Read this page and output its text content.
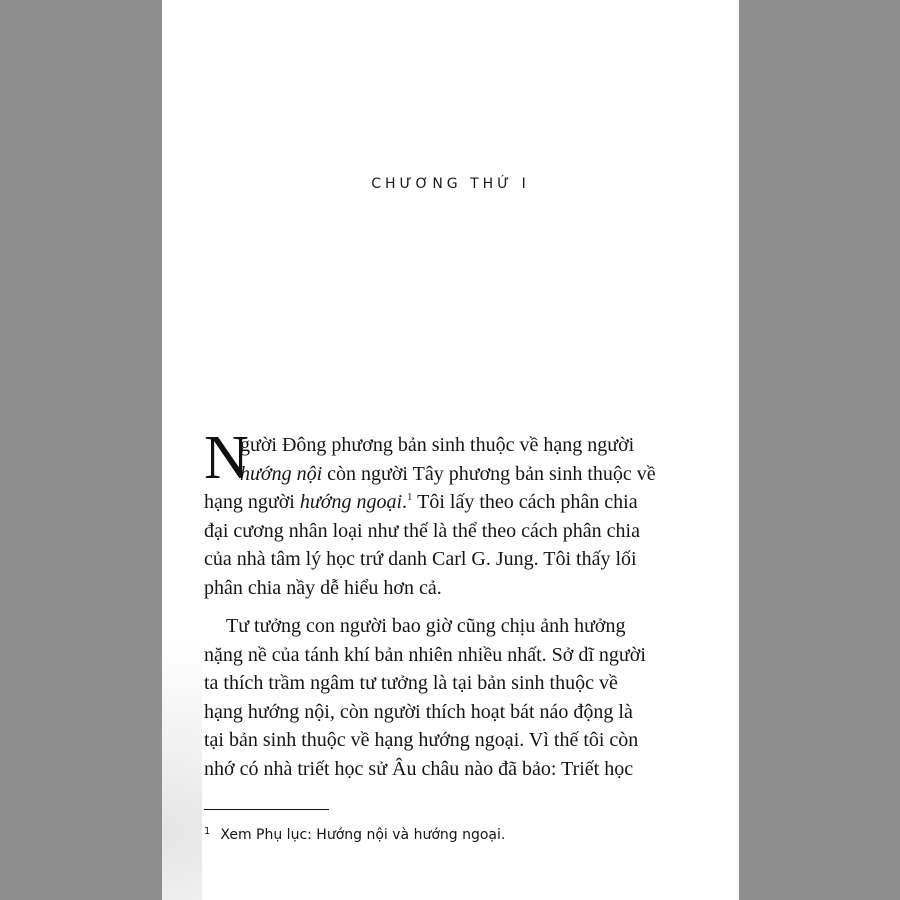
CHƯƠNG THỨ I
N
gười Đông phương bản sinh thuộc về hạng người
hướng nội còn người Tây phương bản sinh thuộc về
hạng người hướng ngoại.$^1$ Tôi lấy theo cách phân chia
đại cương nhân loại như thế là thể theo cách phân chia
của nhà tâm lý học trứ danh Carl G. Jung. Tôi thấy lối
phân chia nầy dễ hiểu hơn cả.
Tư tưởng con người bao giờ cũng chịu ảnh hưởng
nặng nề của tánh khí bản nhiên nhiều nhất. Sở dĩ người
ta thích trầm ngâm tư tưởng là tại bản sinh thuộc về
hạng hướng nội, còn người thích hoạt bát náo động là
tại bản sinh thuộc về hạng hướng ngoại. Vì thế tôi còn
nhớ có nhà triết học sử Âu châu nào đã bảo: Triết học
$^1$ Xem Phụ lục: Hướng nội và hướng ngoại.
